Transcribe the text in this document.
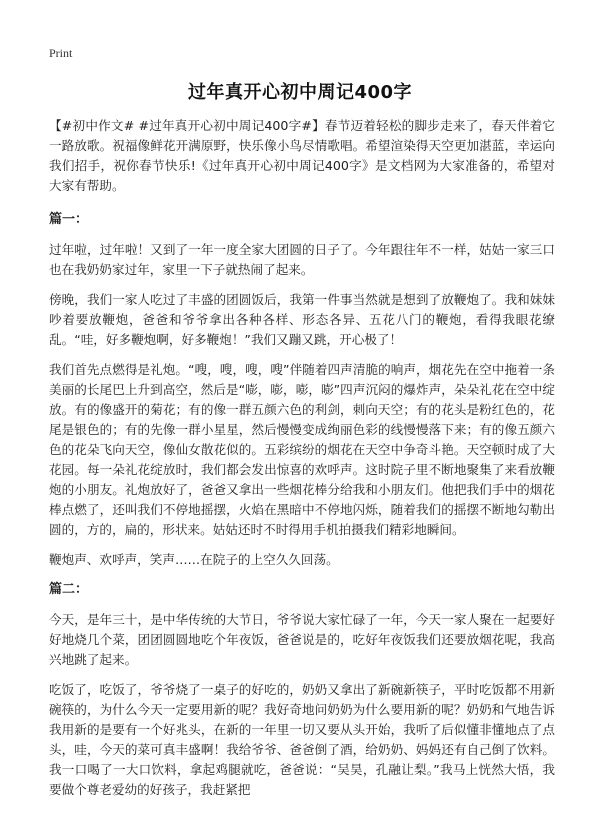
Print
过年真开心初中周记400字

【#初中作文# #过年真开心初中周记400字#】春节迈着轻松的脚步走来了，春天伴着它一路放歌。祝福像鲜花开满原野，快乐像小鸟尽情歌唱。希望渲染得天空更加湛蓝，幸运向我们招手，祝你春节快乐!《过年真开心初中周记400字》是文档网为大家准备的，希望对大家有帮助。

篇一：

过年啦，过年啦！又到了一年一度全家大团圆的日子了。今年跟往年不一样，姑姑一家三口也在我奶奶家过年，家里一下子就热闹了起来。

傍晚，我们一家人吃过了丰盛的团圆饭后，我第一件事当然就是想到了放鞭炮了。我和妹妹吵着要放鞭炮，爸爸和爷爷拿出各种各样、形态各异、五花八门的鞭炮，看得我眼花缭乱。“哇，好多鞭炮啊，好多鞭炮！”我们又蹦又跳，开心极了！

我们首先点燃得是礼炮。“嗖，嗖，嗖，嗖”伴随着四声清脆的响声，烟花先在空中拖着一条美丽的长尾巴上升到高空，然后是“嘭，嘭，嘭，嘭”四声沉闷的爆炸声，朵朵礼花在空中绽放。有的像盛开的菊花；有的像一群五颜六色的利剑，刺向天空；有的花头是粉红色的，花尾是银色的；有的先像一群小星星，然后慢慢变成绚丽色彩的线慢慢落下来；有的像五颜六色的花朵飞向天空，像仙女散花似的。五彩缤纷的烟花在天空中争奇斗艳。天空顿时成了大花园。每一朵礼花绽放时，我们都会发出惊喜的欢呼声。这时院子里不断地聚集了来看放鞭炮的小朋友。礼炮放好了，爸爸又拿出一些烟花棒分给我和小朋友们。他把我们手中的烟花棒点燃了，还叫我们不停地摇摆，火焰在黑暗中不停地闪烁，随着我们的摇摆不断地勾勒出圆的，方的，扁的，形状来。姑姑还时不时得用手机拍摄我们精彩地瞬间。

鞭炮声、欢呼声，笑声……在院子的上空久久回荡。

篇二：

今天，是年三十，是中华传统的大节日，爷爷说大家忙碌了一年，今天一家人聚在一起要好好地烧几个菜，团团圆圆地吃个年夜饭，爸爸说是的，吃好年夜饭我们还要放烟花呢，我高兴地跳了起来。

吃饭了，吃饭了，爷爷烧了一桌子的好吃的，奶奶又拿出了新碗新筷子，平时吃饭都不用新碗筷的，为什么今天一定要用新的呢？我好奇地问奶奶为什么要用新的呢？奶奶和气地告诉我用新的是要有一个好兆头，在新的一年里一切又要从头开始，我听了后似懂非懂地点了点头，哇，今天的菜可真丰盛啊！我给爷爷、爸爸倒了酒，给奶奶、妈妈还有自己倒了饮料。我一口喝了一大口饮料，拿起鸡腿就吃，爸爸说：“吴昊，孔融让梨。”我马上恍然大悟，我要做个尊老爱幼的好孩子，我赶紧把
